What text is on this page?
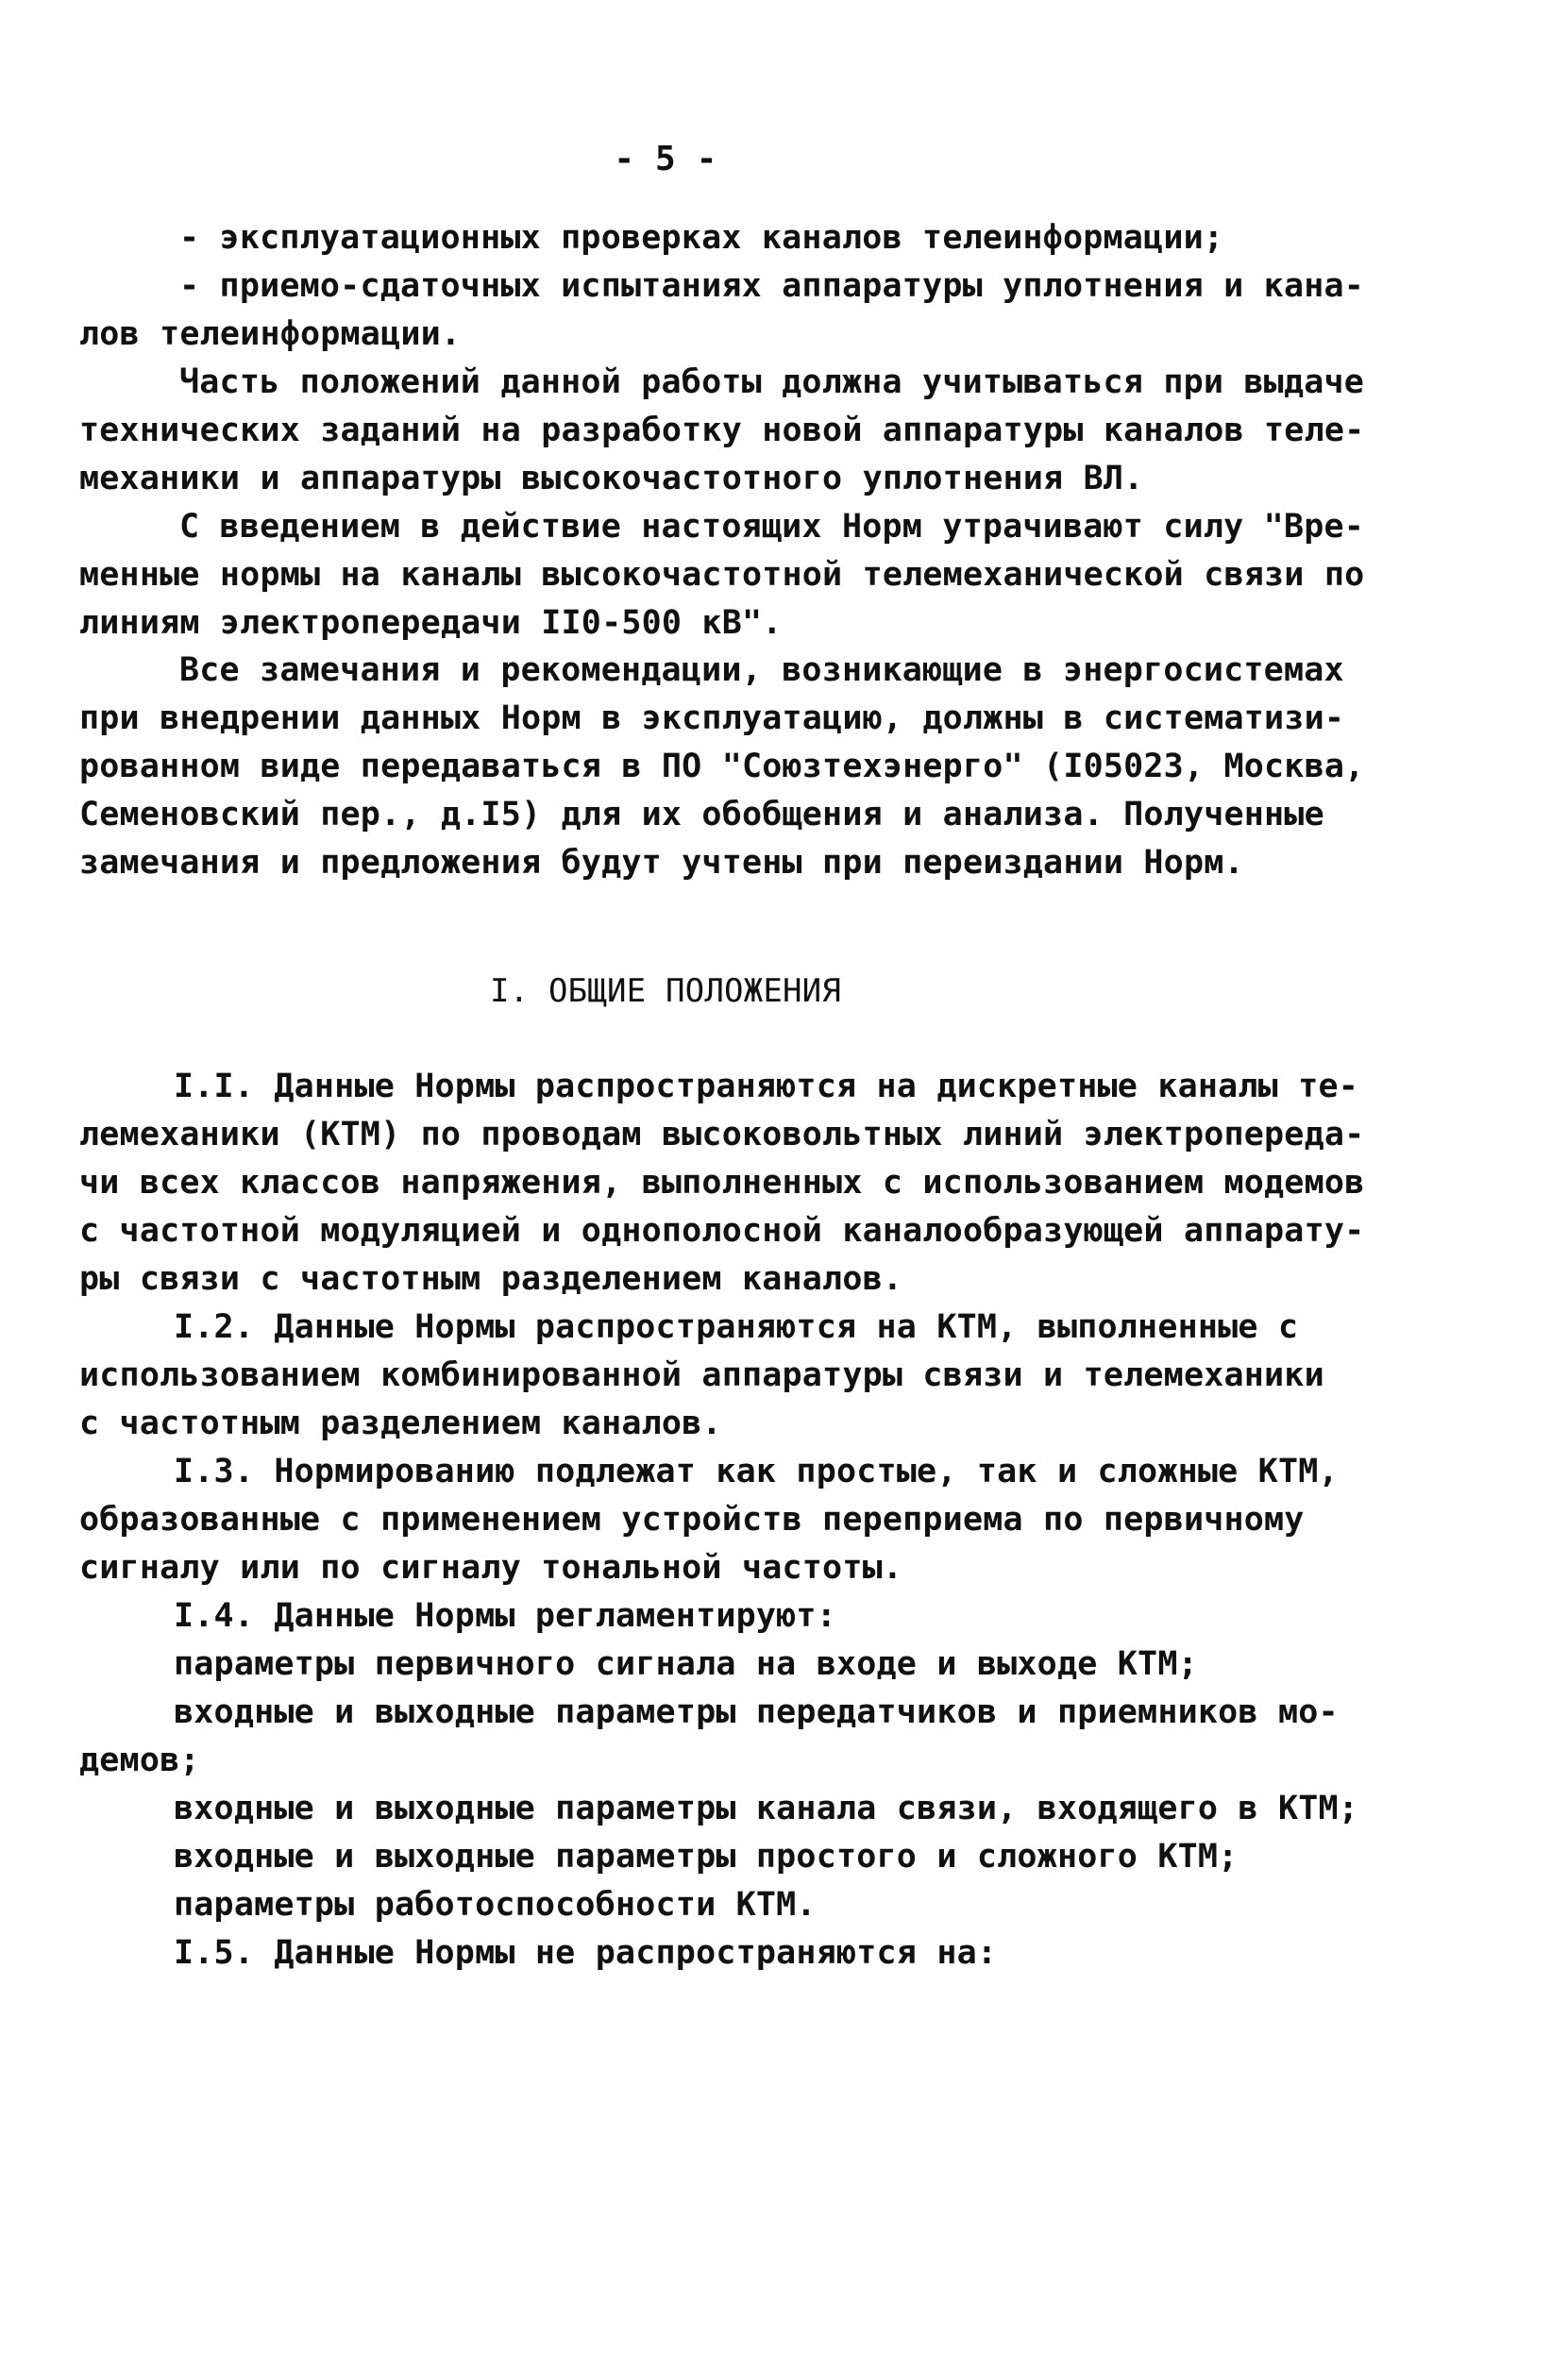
- 5 -
- эксплуатационных проверках каналов телеинформации;
- приемо-сдаточных испытаниях аппаратуры уплотнения и кана-
лов телеинформации.
Часть положений данной работы должна учитываться при выдаче
технических заданий на разработку новой аппаратуры каналов теле-
механики и аппаратуры высокочастотного уплотнения ВЛ.
С введением в действие настоящих Норм утрачивают силу "Вре-
менные нормы на каналы высокочастотной телемеханической связи по
линиям электропередачи II0-500 кВ".
Все замечания и рекомендации, возникающие в энергосистемах
при внедрении данных Норм в эксплуатацию, должны в систематизи-
рованном виде передаваться в ПО "Союзтехэнерго" (I05023, Москва,
Семеновский пер., д.I5) для их обобщения и анализа. Полученные
замечания и предложения будут учтены при переиздании Норм.
I. ОБЩИЕ ПОЛОЖЕНИЯ
I.I. Данные Нормы распространяются на дискретные каналы те-
лемеханики (КТМ) по проводам высоковольтных линий электропереда-
чи всех классов напряжения, выполненных с использованием модемов
с частотной модуляцией и однополосной каналообразующей аппарату-
ры связи с частотным разделением каналов.
I.2. Данные Нормы распространяются на КТМ, выполненные с
использованием комбинированной аппаратуры связи и телемеханики
с частотным разделением каналов.
I.3. Нормированию подлежат как простые, так и сложные КТМ,
образованные с применением устройств переприема по первичному
сигналу или по сигналу тональной частоты.
I.4. Данные Нормы регламентируют:
параметры первичного сигнала на входе и выходе КТМ;
входные и выходные параметры передатчиков и приемников мо-
демов;
входные и выходные параметры канала связи, входящего в КТМ;
входные и выходные параметры простого и сложного КТМ;
параметры работоспособности КТМ.
I.5. Данные Нормы не распространяются на:
